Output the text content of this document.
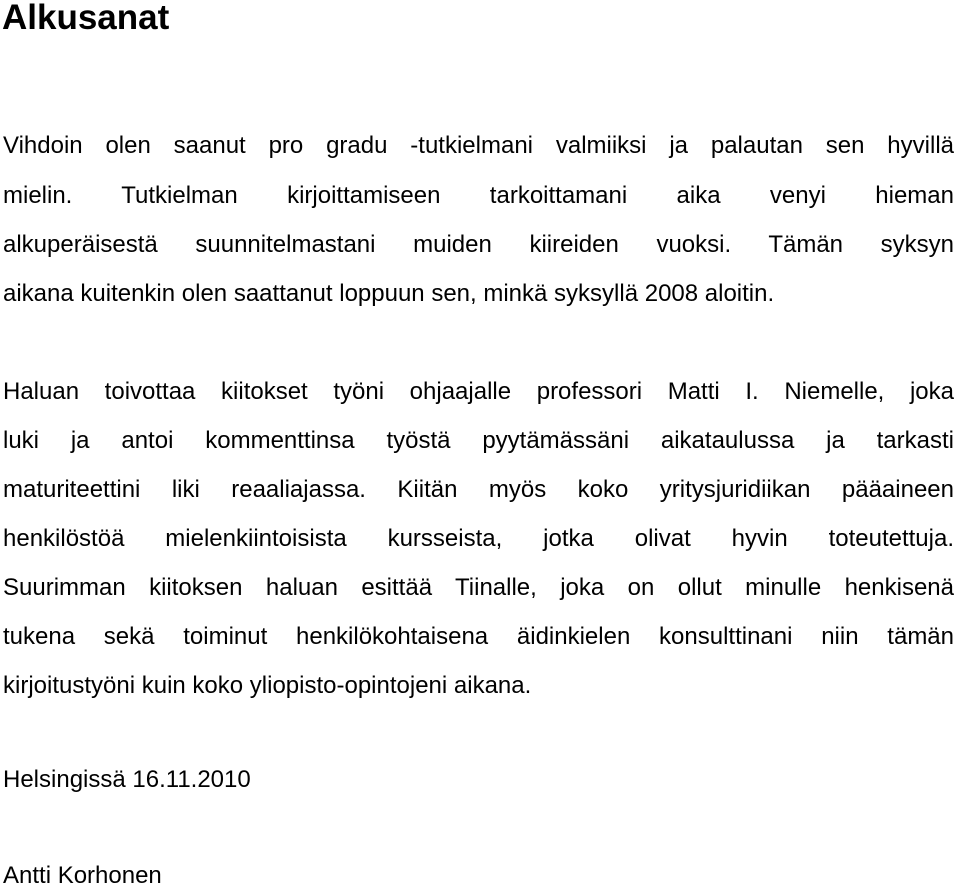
Alkusanat

Vihdoin olen saanut pro gradu -tutkielmani valmiiksi ja palautan sen hyvillä

mielin. Tutkielman kirjoittamiseen tarkoittamani aika venyi hieman

alkuperäisestä suunnitelmastani muiden kiireiden vuoksi. Tämän syksyn

aikana kuitenkin olen saattanut loppuun sen, minkä syksyllä 2008 aloitin.

Haluan toivottaa kiitokset työni ohjaajalle professori Matti I. Niemelle, joka

luki ja antoi kommenttinsa työstä pyytämässäni aikataulussa ja tarkasti

maturiteettini liki reaaliajassa. Kiitän myös koko yritysjuridiikan pääaineen

henkilöstöä mielenkiintoisista kursseista, jotka olivat hyvin toteutettuja.

Suurimman kiitoksen haluan esittää Tiinalle, joka on ollut minulle henkisenä

tukena sekä toiminut henkilökohtaisena äidinkielen konsulttinani niin tämän

kirjoitustyöni kuin koko yliopisto-opintojeni aikana.

Helsingissä 16.11.2010

Antti Korhonen
